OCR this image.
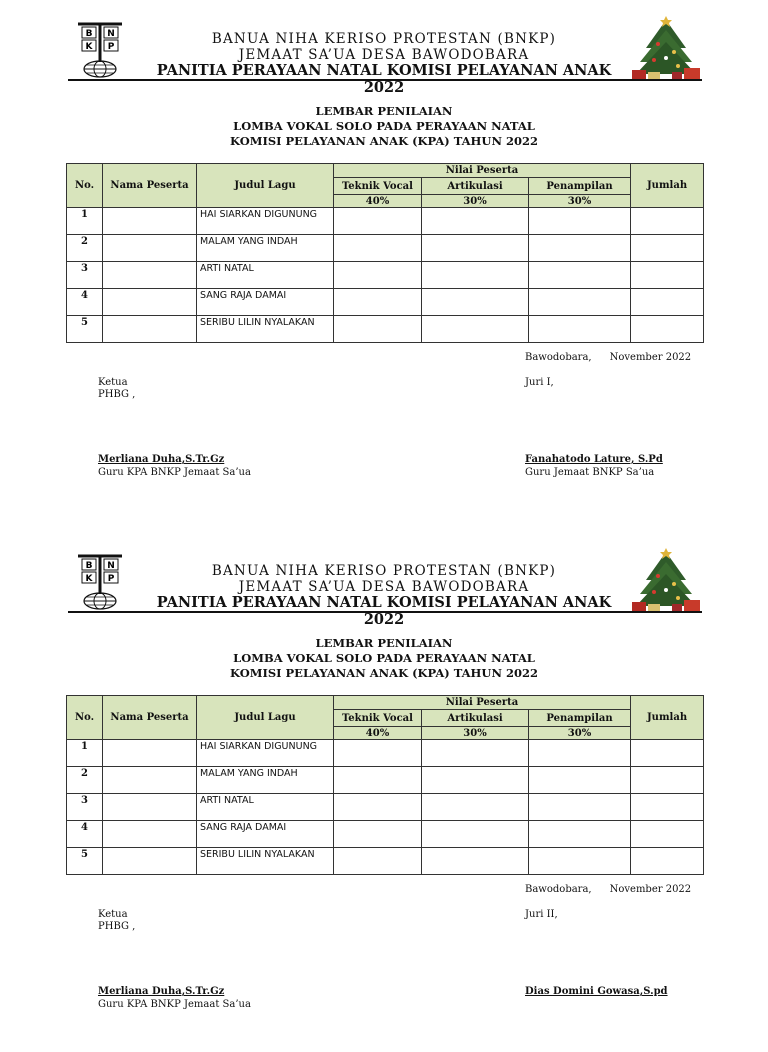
B N
K P	BANUA NIHA KERISO PROTESTAN (BNKP)
JEMAAT SA’UA DESA BAWODOBARA
PANITIA PERAYAAN NATAL KOMISI PELAYANAN ANAK 2022
LEMBAR PENILAIAN
LOMBA VOKAL SOLO PADA PERAYAAN NATAL
KOMISI PELAYANAN ANAK (KPA) TAHUN 2022
No.	Nama Peserta	Judul Lagu	Nilai Peserta			Jumlah
			Teknik Vocal	Artikulasi	Penampilan	
			40%	30%	30%	
1		HAI SIARKAN DIGUNUNG				
2		MALAM YANG INDAH				
3		ARTI NATAL				
4		SANG RAJA DAMAI				
5		SERIBU LILIN NYALAKAN				
Bawodobara, November 2022
Ketua
PHBG ,
Juri I,
Merliana Duha,S.Tr.Gz
Guru KPA BNKP Jemaat Sa’ua
Fanahatodo Lature, S.Pd
Guru Jemaat BNKP Sa’ua
B N
K P	BANUA NIHA KERISO PROTESTAN (BNKP)
JEMAAT SA’UA DESA BAWODOBARA
PANITIA PERAYAAN NATAL KOMISI PELAYANAN ANAK 2022
LEMBAR PENILAIAN
LOMBA VOKAL SOLO PADA PERAYAAN NATAL
KOMISI PELAYANAN ANAK (KPA) TAHUN 2022
No.	Nama Peserta	Judul Lagu	Nilai Peserta			Jumlah
			Teknik Vocal	Artikulasi	Penampilan	
			40%	30%	30%	
1		HAI SIARKAN DIGUNUNG				
2		MALAM YANG INDAH				
3		ARTI NATAL				
4		SANG RAJA DAMAI				
5		SERIBU LILIN NYALAKAN				
Bawodobara, November 2022
Ketua
PHBG ,
Juri II,
Merliana Duha,S.Tr.Gz
Guru KPA BNKP Jemaat Sa’ua
Dias Domini Gowasa,S.pd
